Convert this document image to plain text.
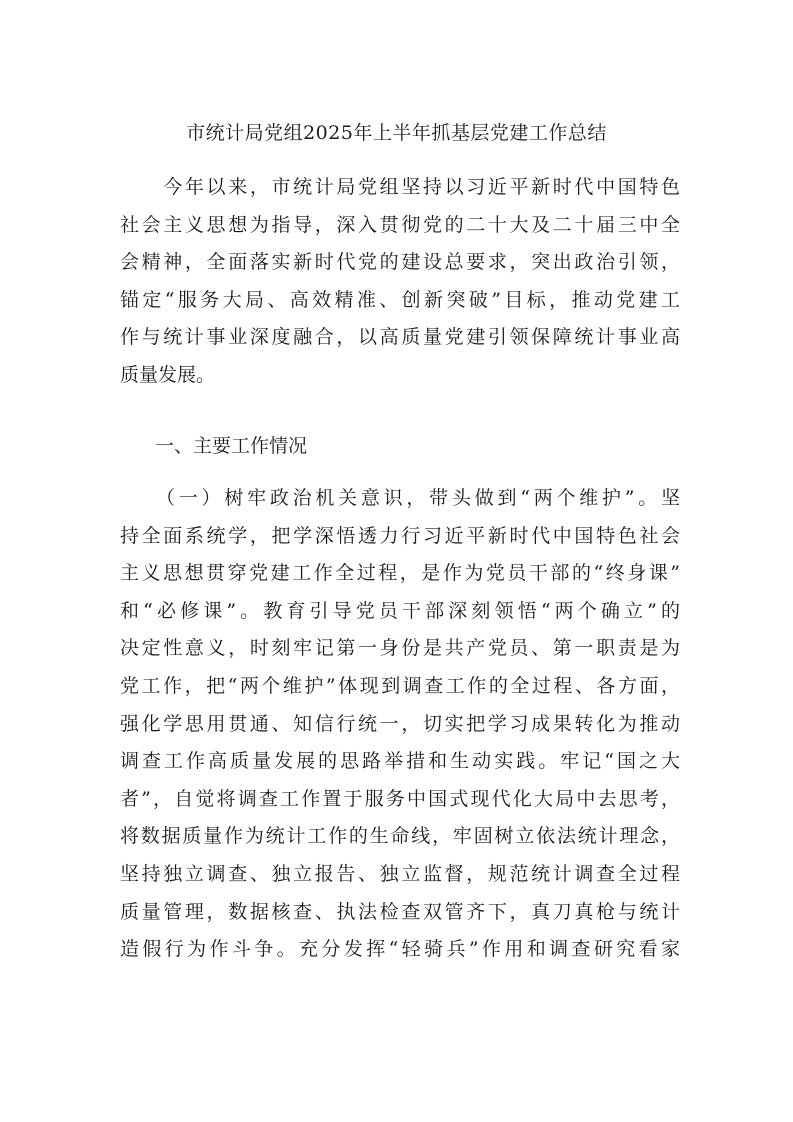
市统计局党组2025年上半年抓基层党建工作总结
　　今年以来，市统计局党组坚持以习近平新时代中国特色
社会主义思想为指导，深入贯彻党的二十大及二十届三中全
会精神，全面落实新时代党的建设总要求，突出政治引领，
锚定“服务大局、高效精准、创新突破”目标，推动党建工
作与统计事业深度融合，以高质量党建引领保障统计事业高
质量发展。
一、主要工作情况
　　（一）树牢政治机关意识，带头做到“两个维护”。坚
持全面系统学，把学深悟透力行习近平新时代中国特色社会
主义思想贯穿党建工作全过程，是作为党员干部的“终身课”
和“必修课”。教育引导党员干部深刻领悟“两个确立”的
决定性意义，时刻牢记第一身份是共产党员、第一职责是为
党工作，把“两个维护”体现到调查工作的全过程、各方面，
强化学思用贯通、知信行统一，切实把学习成果转化为推动
调查工作高质量发展的思路举措和生动实践。牢记“国之大
者”，自觉将调查工作置于服务中国式现代化大局中去思考，
将数据质量作为统计工作的生命线，牢固树立依法统计理念，
坚持独立调查、独立报告、独立监督，规范统计调查全过程
质量管理，数据核查、执法检查双管齐下，真刀真枪与统计
造假行为作斗争。充分发挥“轻骑兵”作用和调查研究看家
